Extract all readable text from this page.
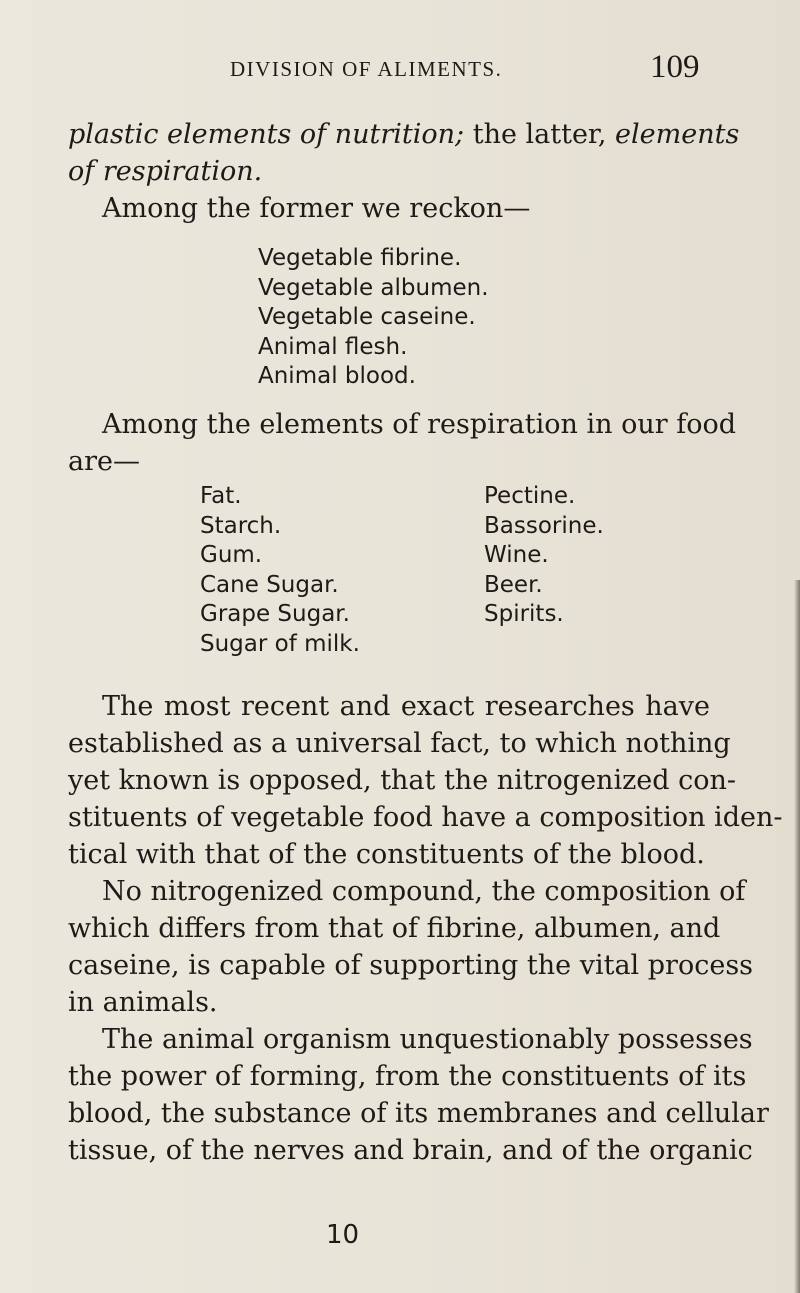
DIVISION OF ALIMENTS.	109
plastic elements of nutrition; the latter, elements
of respiration.
Among the former we reckon—
Vegetable fibrine.
Vegetable albumen.
Vegetable caseine.
Animal flesh.
Animal blood.
Among the elements of respiration in our food
are—
Fat.
Starch.
Gum.
Cane Sugar.
Grape Sugar.
Sugar of milk.
Pectine.
Bassorine.
Wine.
Beer.
Spirits.
The most recent and exact researches have
established as a universal fact, to which nothing
yet known is opposed, that the nitrogenized con-
stituents of vegetable food have a composition iden-
tical with that of the constituents of the blood.
No nitrogenized compound, the composition of
which differs from that of fibrine, albumen, and
caseine, is capable of supporting the vital process
in animals.
The animal organism unquestionably possesses
the power of forming, from the constituents of its
blood, the substance of its membranes and cellular
tissue, of the nerves and brain, and of the organic
10
